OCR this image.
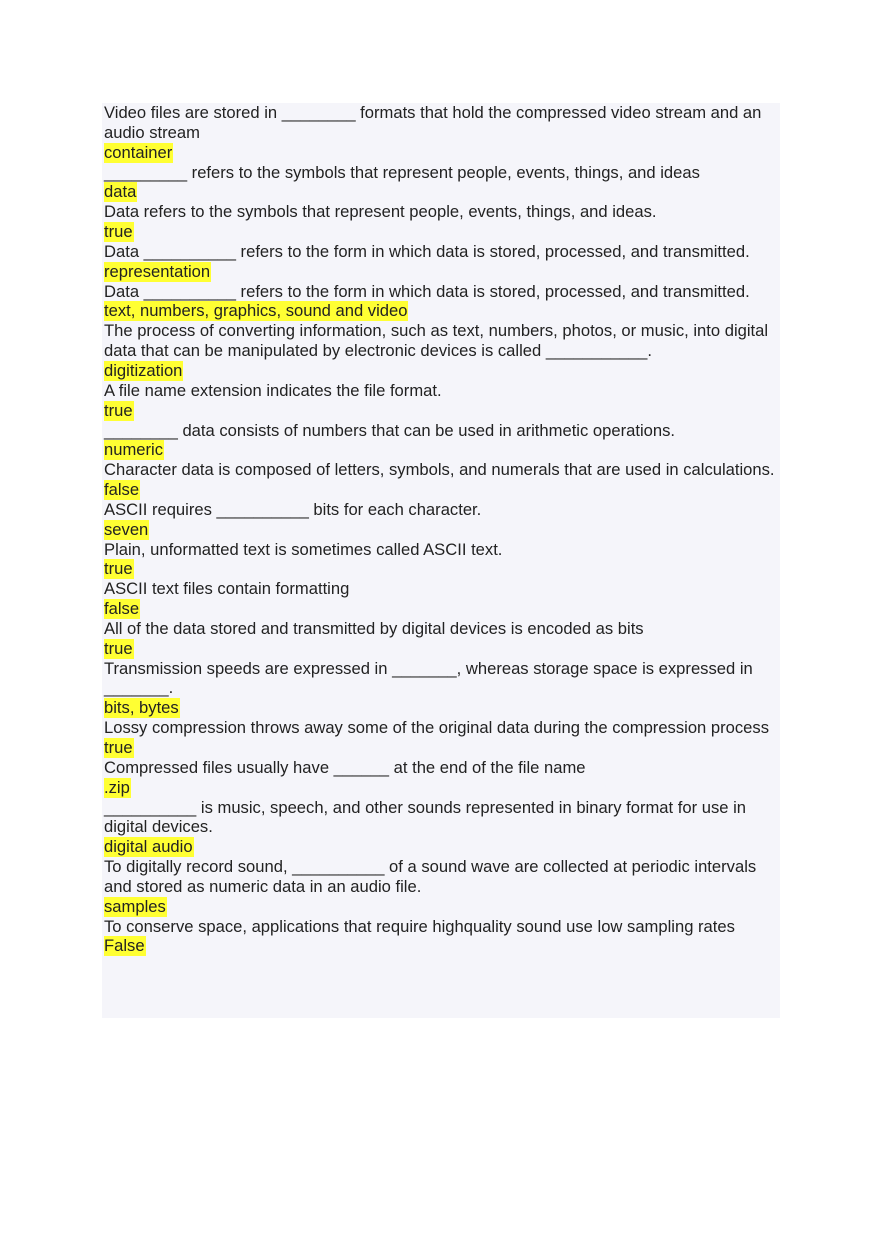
Video files are stored in ________ formats that hold the compressed video stream and an audio stream
container
_________ refers to the symbols that represent people, events, things, and ideas
data
Data refers to the symbols that represent people, events, things, and ideas.
true
Data __________ refers to the form in which data is stored, processed, and transmitted.
representation
Data __________ refers to the form in which data is stored, processed, and transmitted.
text, numbers, graphics, sound and video
The process of converting information, such as text, numbers, photos, or music, into digital data that can be manipulated by electronic devices is called ___________.
digitization
A file name extension indicates the file format.
true
________ data consists of numbers that can be used in arithmetic operations.
numeric
Character data is composed of letters, symbols, and numerals that are used in calculations.
false
ASCII requires __________ bits for each character.
seven
Plain, unformatted text is sometimes called ASCII text.
true
ASCII text files contain formatting
false
All of the data stored and transmitted by digital devices is encoded as bits
true
Transmission speeds are expressed in _______, whereas storage space is expressed in _______.
bits, bytes
Lossy compression throws away some of the original data during the compression process
true
Compressed files usually have ______ at the end of the file name
.zip
__________ is music, speech, and other sounds represented in binary format for use in digital devices.
digital audio
To digitally record sound, __________ of a sound wave are collected at periodic intervals and stored as numeric data in an audio file.
samples
To conserve space, applications that require highquality sound use low sampling rates
False
